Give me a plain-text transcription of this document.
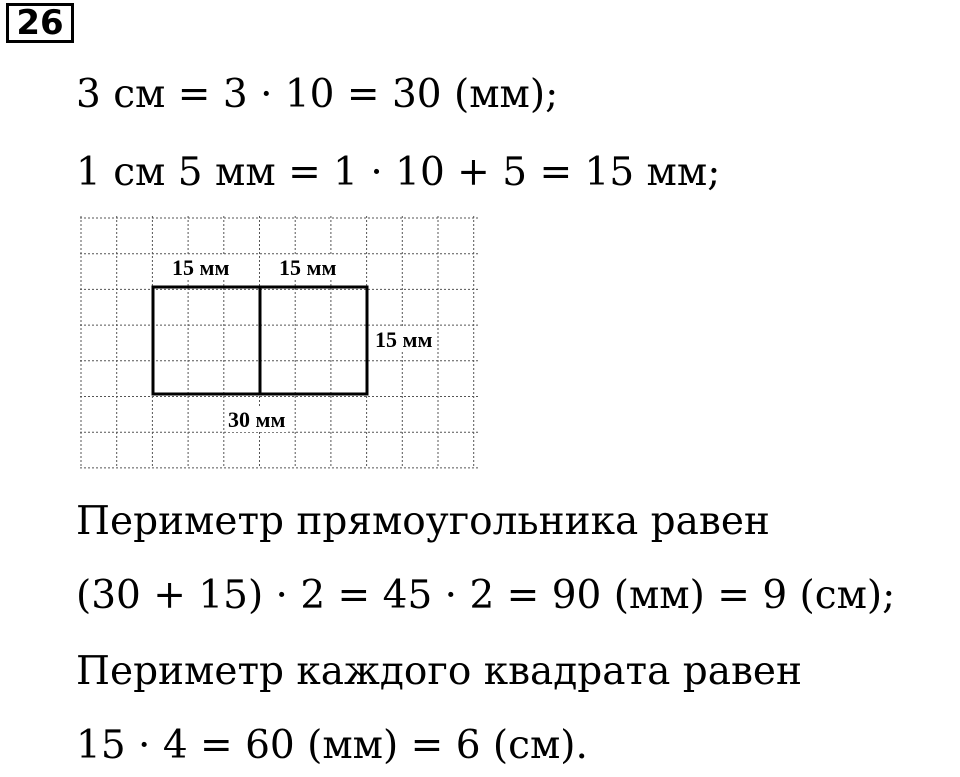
26
3 см = 3 · 10 = 30 (мм);
1 см 5 мм = 1 · 10 + 5 = 15 мм;
15 мм 15 мм
15 мм
30 мм
Периметр прямоугольника равен
(30 + 15) · 2 = 45 · 2 = 90 (мм) = 9 (см);
Периметр каждого квадрата равен
15 · 4 = 60 (мм) = 6 (см).
